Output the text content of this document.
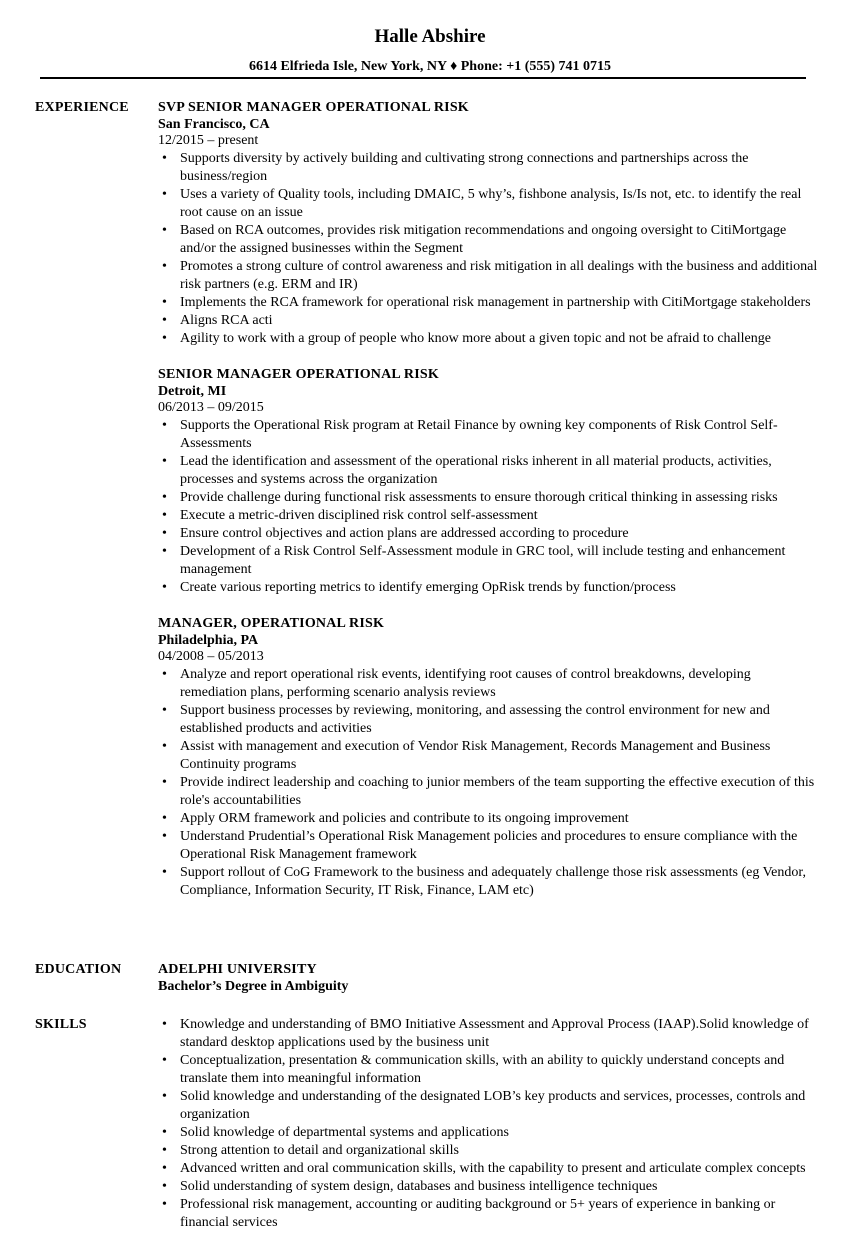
Halle Abshire
6614 Elfrieda Isle, New York, NY ♦ Phone: +1 (555) 741 0715
EXPERIENCE SVP SENIOR MANAGER OPERATIONAL RISK
San Francisco, CA
12/2015 – present
• Supports diversity by actively building and cultivating strong connections and partnerships across the business/region
• Uses a variety of Quality tools, including DMAIC, 5 why’s, fishbone analysis, Is/Is not, etc. to identify the real root cause on an issue
• Based on RCA outcomes, provides risk mitigation recommendations and ongoing oversight to CitiMortgage and/or the assigned businesses within the Segment
• Promotes a strong culture of control awareness and risk mitigation in all dealings with the business and additional risk partners (e.g. ERM and IR)
• Implements the RCA framework for operational risk management in partnership with CitiMortgage stakeholders
• Aligns RCA acti
• Agility to work with a group of people who know more about a given topic and not be afraid to challenge
SENIOR MANAGER OPERATIONAL RISK
Detroit, MI
06/2013 – 09/2015
• Supports the Operational Risk program at Retail Finance by owning key components of Risk Control Self-Assessments
• Lead the identification and assessment of the operational risks inherent in all material products, activities, processes and systems across the organization
• Provide challenge during functional risk assessments to ensure thorough critical thinking in assessing risks
• Execute a metric-driven disciplined risk control self-assessment
• Ensure control objectives and action plans are addressed according to procedure
• Development of a Risk Control Self-Assessment module in GRC tool, will include testing and enhancement management
• Create various reporting metrics to identify emerging OpRisk trends by function/process
MANAGER, OPERATIONAL RISK
Philadelphia, PA
04/2008 – 05/2013
• Analyze and report operational risk events, identifying root causes of control breakdowns, developing remediation plans, performing scenario analysis reviews
• Support business processes by reviewing, monitoring, and assessing the control environment for new and established products and activities
• Assist with management and execution of Vendor Risk Management, Records Management and Business Continuity programs
• Provide indirect leadership and coaching to junior members of the team supporting the effective execution of this role's accountabilities
• Apply ORM framework and policies and contribute to its ongoing improvement
• Understand Prudential’s Operational Risk Management policies and procedures to ensure compliance with the Operational Risk Management framework
• Support rollout of CoG Framework to the business and adequately challenge those risk assessments (eg Vendor, Compliance, Information Security, IT Risk, Finance, LAM etc)
EDUCATION	ADELPHI UNIVERSITY
Bachelor’s Degree in Ambiguity
SKILLS
•	Knowledge and understanding of BMO Initiative Assessment and Approval Process (IAAP).Solid knowledge of standard desktop applications used by the business unit
• Conceptualization, presentation & communication skills, with an ability to quickly understand concepts and translate them into meaningful information
• Solid knowledge and understanding of the designated LOB’s key products and services, processes, controls and organization
• Solid knowledge of departmental systems and applications
• Strong attention to detail and organizational skills
• Advanced written and oral communication skills, with the capability to present and articulate complex concepts
• Solid understanding of system design, databases and business intelligence techniques
• Professional risk management, accounting or auditing background or 5+ years of experience in banking or financial services
